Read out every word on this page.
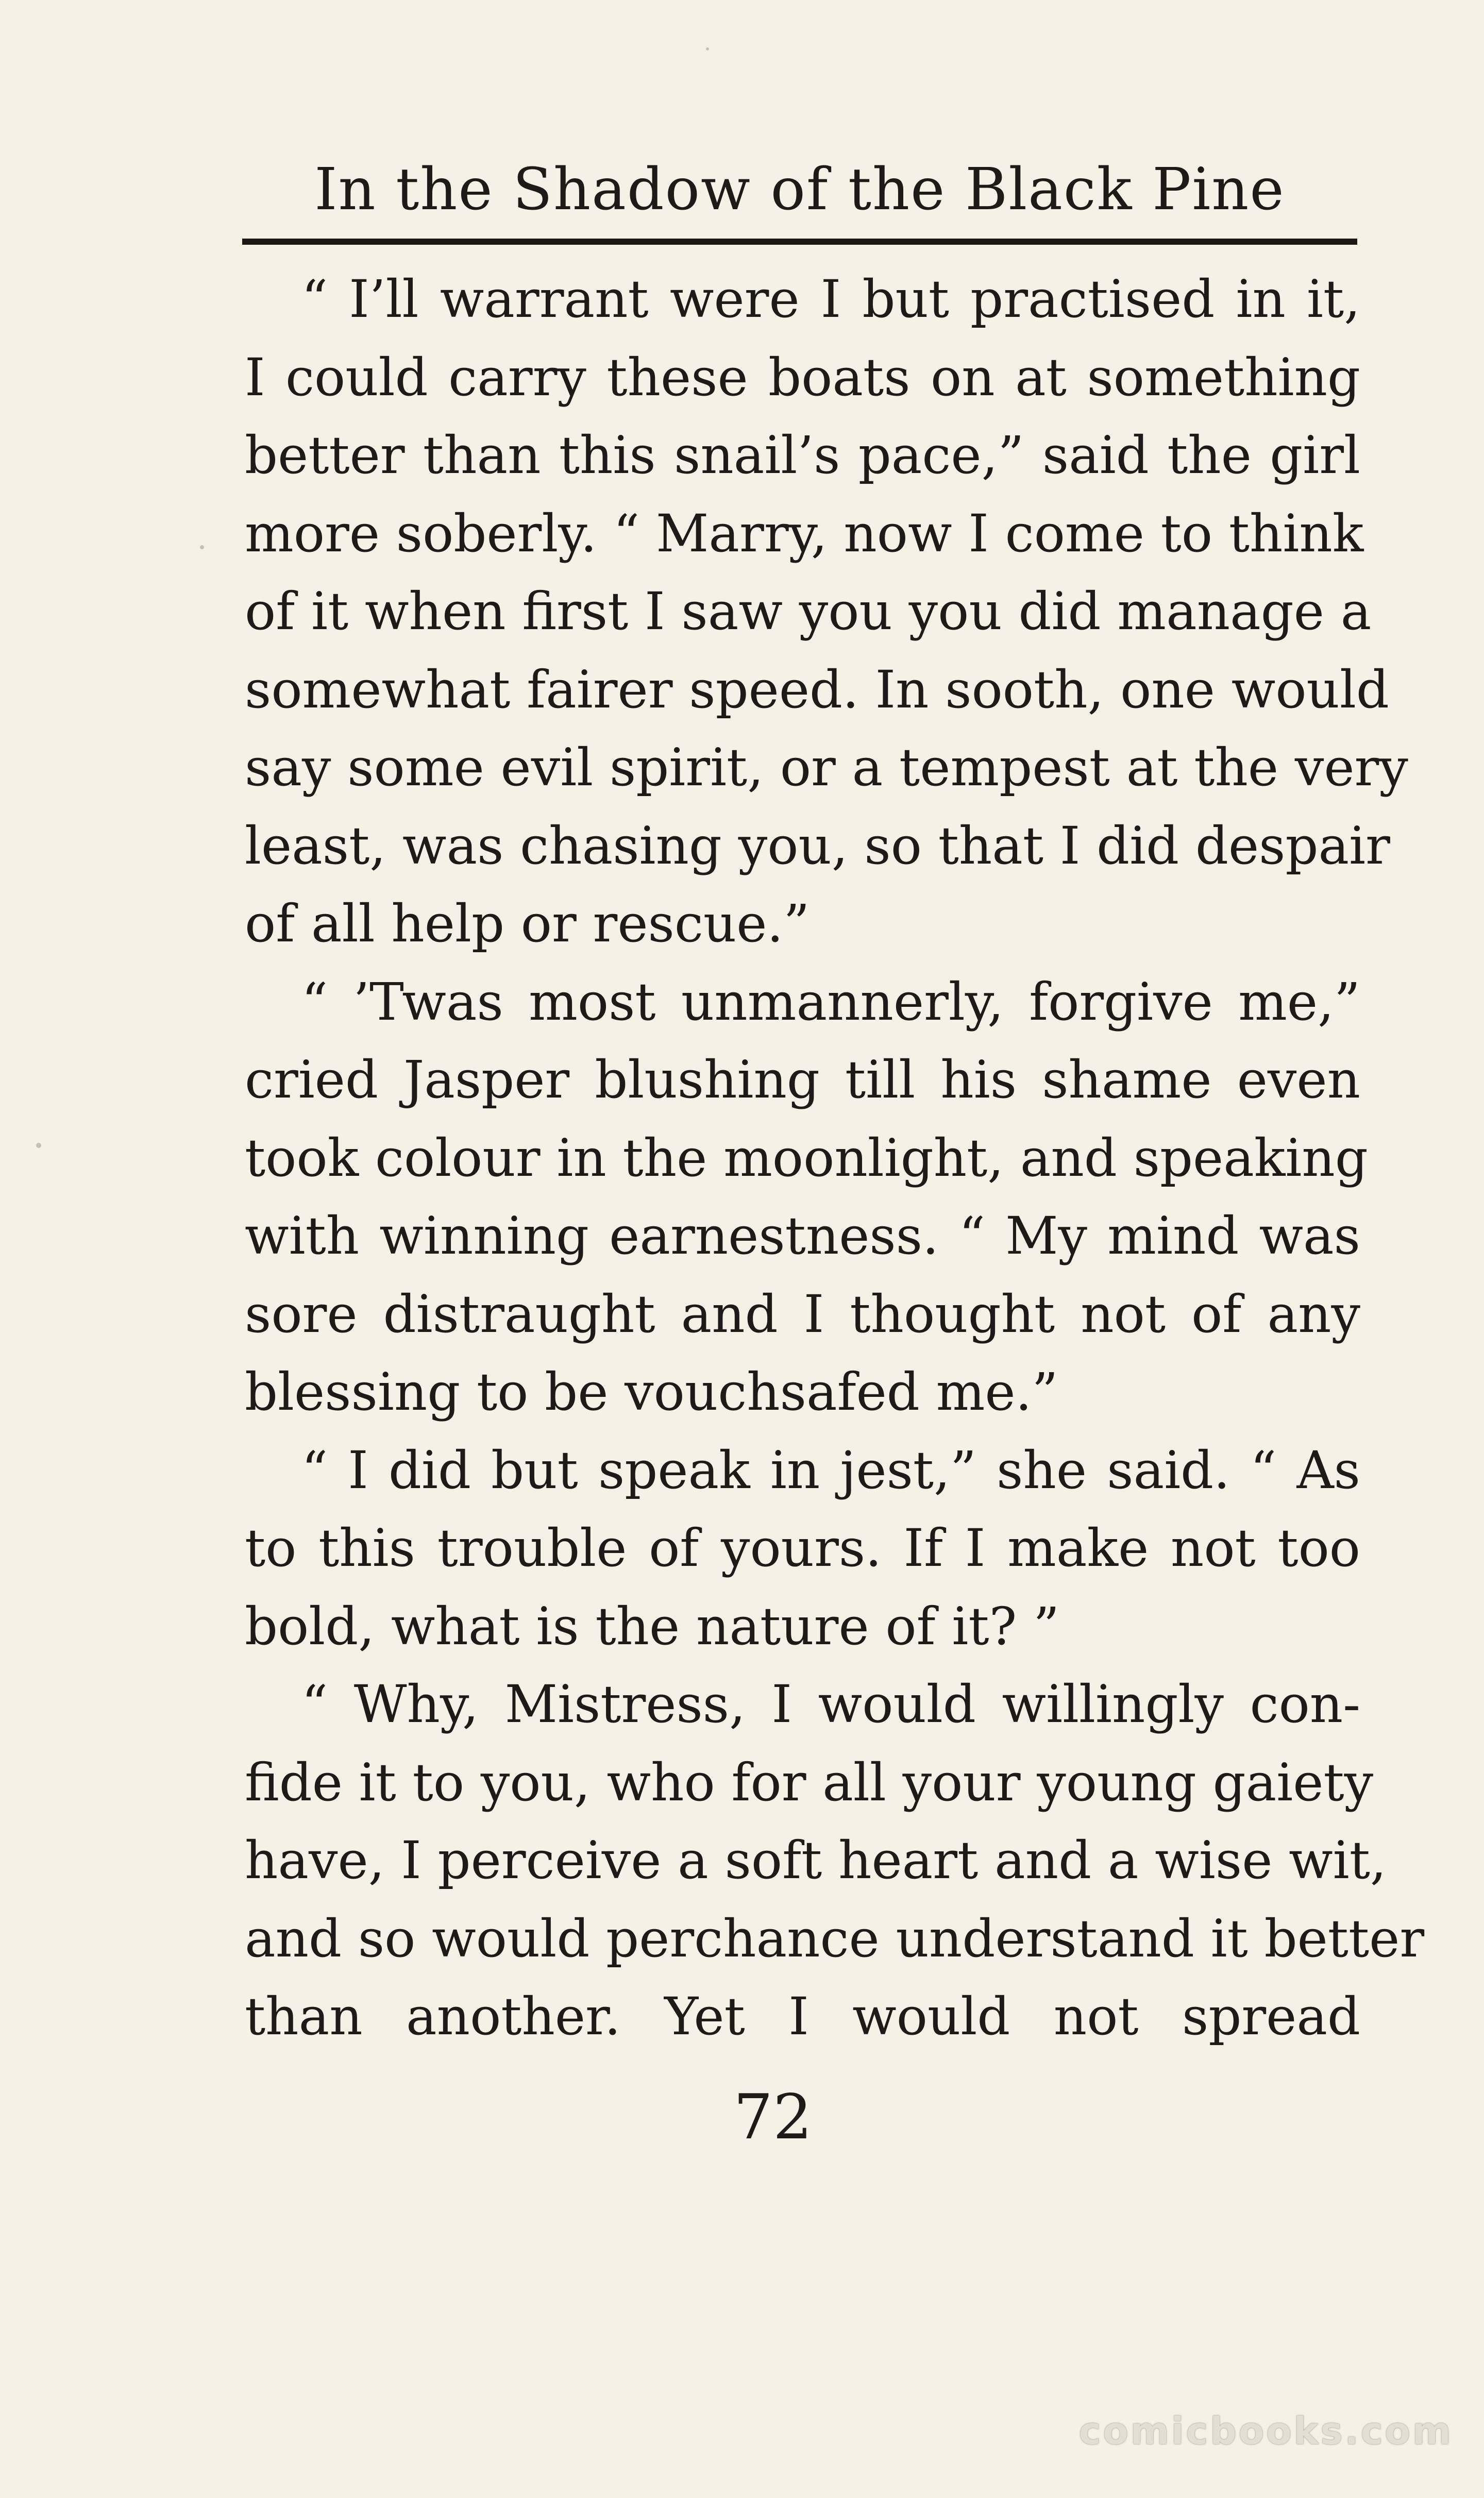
In the Shadow of the Black Pine
“ I’ll warrant were I but practised in it,
I could carry these boats on at something
better than this snail’s pace,” said the girl
more soberly. “ Marry, now I come to think
of it when first I saw you you did manage a
somewhat fairer speed. In sooth, one would
say some evil spirit, or a tempest at the very
least, was chasing you, so that I did despair
of all help or rescue.”
“ ’Twas most unmannerly, forgive me,”
cried Jasper blushing till his shame even
took colour in the moonlight, and speaking
with winning earnestness. “ My mind was
sore distraught and I thought not of any
blessing to be vouchsafed me.”
“ I did but speak in jest,” she said. “ As
to this trouble of yours. If I make not too
bold, what is the nature of it? ”
“ Why, Mistress, I would willingly con-
fide it to you, who for all your young gaiety
have, I perceive a soft heart and a wise wit,
and so would perchance understand it better
than another. Yet I would not spread
72
comicbooks.com
